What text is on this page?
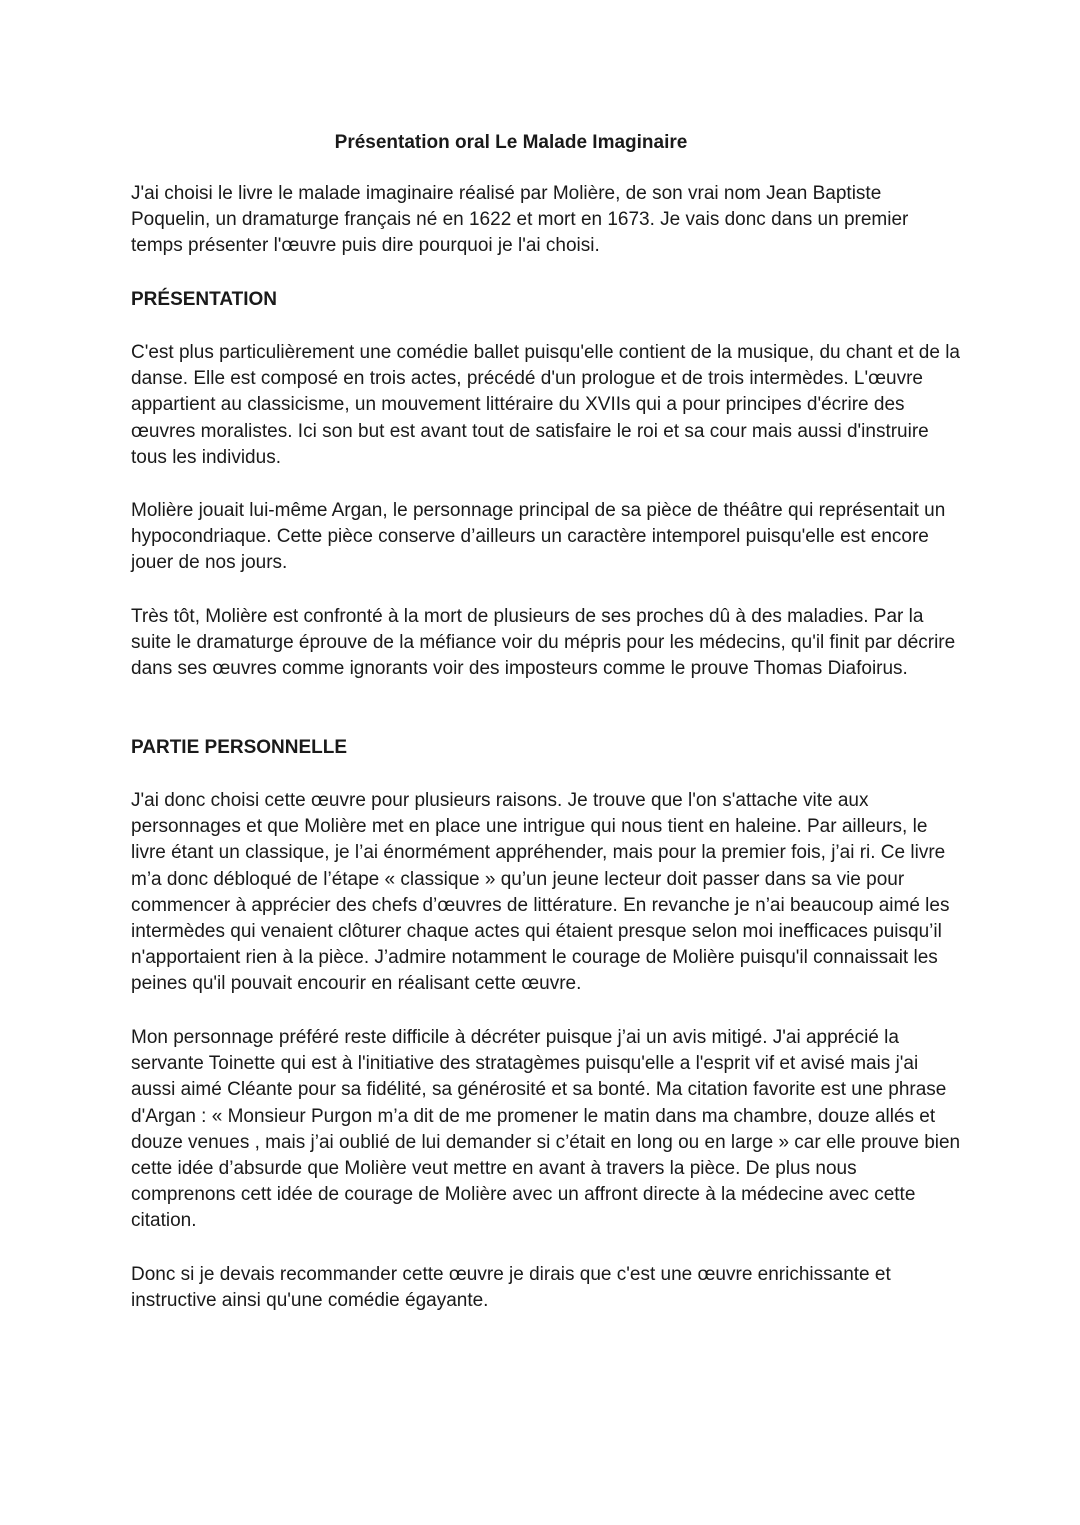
Présentation oral Le Malade Imaginaire

J'ai choisi le livre le malade imaginaire réalisé par Molière, de son vrai nom Jean Baptiste Poquelin, un dramaturge français né en 1622 et mort en 1673. Je vais donc dans un premier temps présenter l'œuvre puis dire pourquoi je l'ai choisi.

PRÉSENTATION

C'est plus particulièrement une comédie ballet puisqu'elle contient de la musique, du chant et de la danse. Elle est composé en trois actes, précédé d'un prologue et de trois intermèdes. L'œuvre appartient au classicisme, un mouvement littéraire du XVIIs qui a pour principes d'écrire des œuvres moralistes. Ici son but est avant tout de satisfaire le roi et sa cour mais aussi d'instruire tous les individus.

Molière jouait lui-même Argan, le personnage principal de sa pièce de théâtre qui représentait un hypocondriaque. Cette pièce conserve d’ailleurs un caractère intemporel puisqu'elle est encore jouer de nos jours.

Très tôt, Molière est confronté à la mort de plusieurs de ses proches dû à des maladies. Par la suite le dramaturge éprouve de la méfiance voir du mépris pour les médecins, qu'il finit par décrire dans ses œuvres comme ignorants voir des imposteurs comme le prouve Thomas Diafoirus.

PARTIE PERSONNELLE

J'ai donc choisi cette œuvre pour plusieurs raisons. Je trouve que l'on s'attache vite aux personnages et que Molière met en place une intrigue qui nous tient en haleine. Par ailleurs, le livre étant un classique, je l’ai énormément appréhender, mais pour la premier fois, j’ai ri. Ce livre m’a donc débloqué de l’étape « classique » qu’un jeune lecteur doit passer dans sa vie pour commencer à apprécier des chefs d’œuvres de littérature. En revanche je n’ai beaucoup aimé les intermèdes qui venaient clôturer chaque actes qui étaient presque selon moi inefficaces puisqu’il n'apportaient rien à la pièce. J’admire notamment le courage de Molière puisqu'il connaissait les peines qu'il pouvait encourir en réalisant cette œuvre.

Mon personnage préféré reste difficile à décréter puisque j’ai un avis mitigé. J'ai apprécié la servante Toinette qui est à l'initiative des stratagèmes puisqu'elle a l'esprit vif et avisé mais j'ai aussi aimé Cléante pour sa fidélité, sa générosité et sa bonté. Ma citation favorite est une phrase d'Argan : « Monsieur Purgon m’a dit de me promener le matin dans ma chambre, douze allés et douze venues , mais j’ai oublié de lui demander si c’était en long ou en large » car elle prouve bien cette idée d’absurde que Molière veut mettre en avant à travers la pièce. De plus nous comprenons cett idée de courage de Molière avec un affront directe à la médecine avec cette citation.

Donc si je devais recommander cette œuvre je dirais que c'est une œuvre enrichissante et instructive ainsi qu'une comédie égayante.
